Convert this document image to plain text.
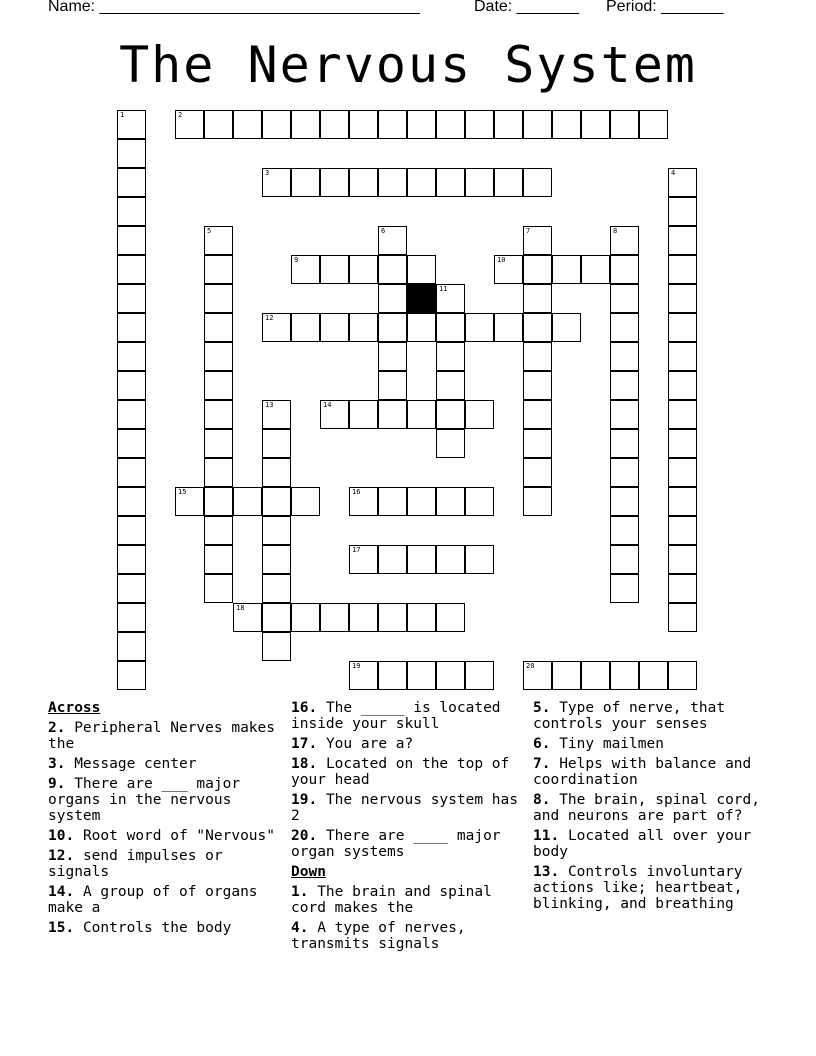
Name: ____________________________________	Date: _______ Period: _______
The Nervous System
1	2
3	4
5	6	7	8
9	10
11
12
13	14
15	16
17
18
19	20
Across
2. Peripheral Nerves makes the
3. Message center
9. There are ___ major organs in the nervous system
10. Root word of "Nervous"
12. send impulses or signals
14. A group of of organs make a
15. Controls the body
16. The _____ is located inside your skull
17. You are a?
18. Located on the top of your head
19. The nervous system has 2
20. There are ____ major organ systems
Down
1. The brain and spinal cord makes the
4. A type of nerves, transmits signals
5. Type of nerve, that controls your senses
6. Tiny mailmen
7. Helps with balance and coordination
8. The brain, spinal cord, and neurons are part of?
11. Located all over your body
13. Controls involuntary actions like; heartbeat, blinking, and breathing
